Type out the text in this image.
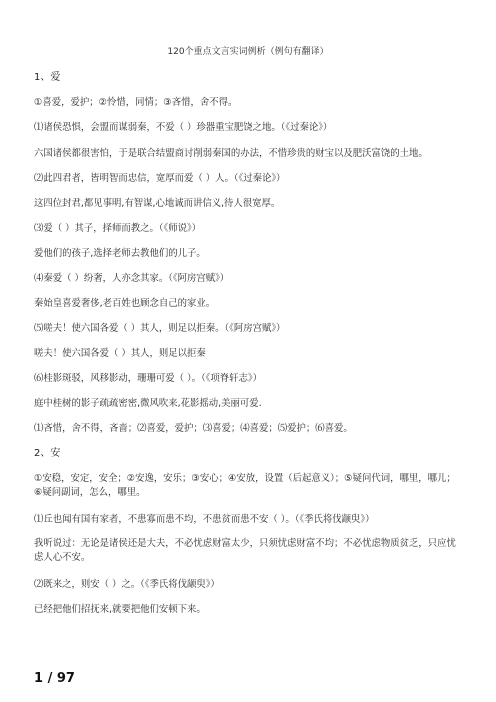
120个重点文言实词例析（例句有翻译）
1、爱
①喜爱，爱护；②怜惜，同情；③吝惜，舍不得。
⑴诸侯恐惧，会盟而谋弱秦，不爱（ ）珍器重宝肥饶之地。（《过秦论》）
六国诸侯都很害怕，于是联合结盟商讨削弱秦国的办法，不惜珍贵的财宝以及肥沃富饶的土地。
⑵此四君者，皆明智而忠信，宽厚而爱（ ）人。（《过秦论》）
这四位封君,都见事明,有智谋,心地诚而讲信义,待人很宽厚。
⑶爱（ ）其子，择师而教之。（《师说》）
爱他们的孩子,选择老师去教他们的儿子。
⑷秦爱（ ）纷奢，人亦念其家。（《阿房宫赋》）
秦始皇喜爱奢侈,老百姓也顾念自己的家业。
⑸嗟夫！使六国各爱（ ）其人，则足以拒秦。（《阿房宫赋》）
嗟夫！使六国各爱（ ）其人，则足以拒秦
⑹桂影斑驳，风移影动，珊珊可爱（ ）。（《项脊轩志》）
庭中桂树的影子疏疏密密,微风吹来,花影摇动,美丽可爱.
⑴吝惜，舍不得，吝啬；⑵喜爱，爱护；⑶喜爱；⑷喜爱；⑸爱护；⑹喜爱。
2、安
①安稳，安定，安全；②安逸，安乐；③安心；④安放，设置（后起意义）；⑤疑问代词，哪里，哪儿；⑥疑问副词，怎么，哪里。
⑴丘也闻有国有家者，不患寡而患不均，不患贫而患不安（ ）。（《季氏将伐颛臾》）
我听说过：无论是诸侯还是大夫，不必忧虑财富太少，只须忧虑财富不均；不必忧虑物质贫乏，只应忧虑人心不安。
⑵既来之，则安（ ）之。（《季氏将伐颛臾》）
已经把他们招抚来,就要把他们安顿下来。
1 / 97
